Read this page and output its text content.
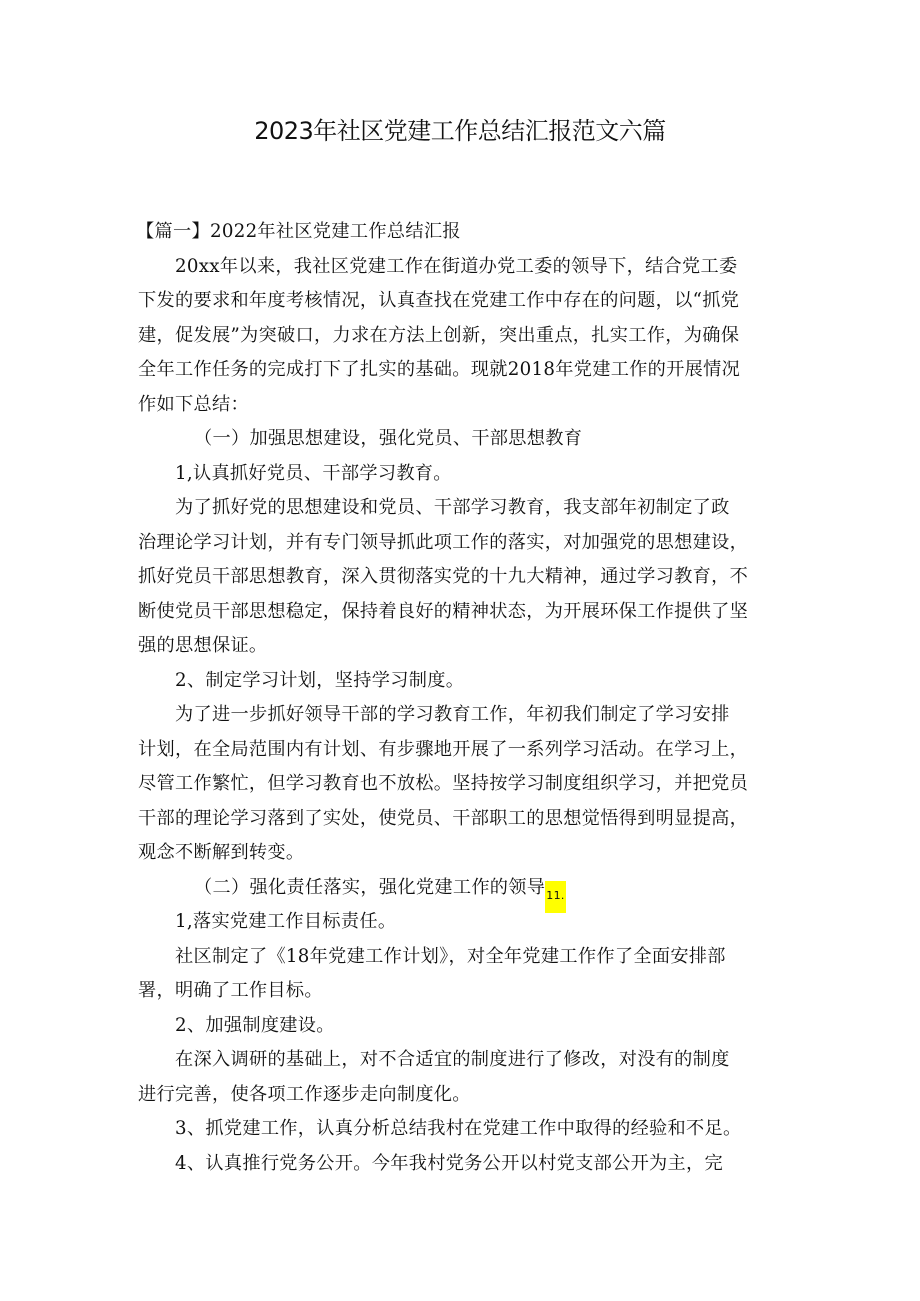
2023年社区党建工作总结汇报范文六篇
【篇一】2022年社区党建工作总结汇报
20xx年以来，我社区党建工作在街道办党工委的领导下，结合党工委
下发的要求和年度考核情况，认真查找在党建工作中存在的问题，以“抓党
建，促发展”为突破口，力求在方法上创新，突出重点，扎实工作，为确保
全年工作任务的完成打下了扎实的基础。现就2018年党建工作的开展情况
作如下总结：
（一）加强思想建设，强化党员、干部思想教育
1,认真抓好党员、干部学习教育。
为了抓好党的思想建设和党员、干部学习教育，我支部年初制定了政
治理论学习计划，并有专门领导抓此项工作的落实，对加强党的思想建设，
抓好党员干部思想教育，深入贯彻落实党的十九大精神，通过学习教育，不
断使党员干部思想稳定，保持着良好的精神状态，为开展环保工作提供了坚
强的思想保证。
2、制定学习计划，坚持学习制度。
为了进一步抓好领导干部的学习教育工作，年初我们制定了学习安排
计划，在全局范围内有计划、有步骤地开展了一系列学习活动。在学习上，
尽管工作繁忙，但学习教育也不放松。坚持按学习制度组织学习，并把党员
干部的理论学习落到了实处，使党员、干部职工的思想觉悟得到明显提高，
观念不断解到转变。
（二）强化责任落实，强化党建工作的领导11.
1,落实党建工作目标责任。
社区制定了《18年党建工作计划》，对全年党建工作作了全面安排部
署，明确了工作目标。
2、加强制度建设。
在深入调研的基础上，对不合适宜的制度进行了修改，对没有的制度
进行完善，使各项工作逐步走向制度化。
3、抓党建工作，认真分析总结我村在党建工作中取得的经验和不足。
4、认真推行党务公开。今年我村党务公开以村党支部公开为主，完
